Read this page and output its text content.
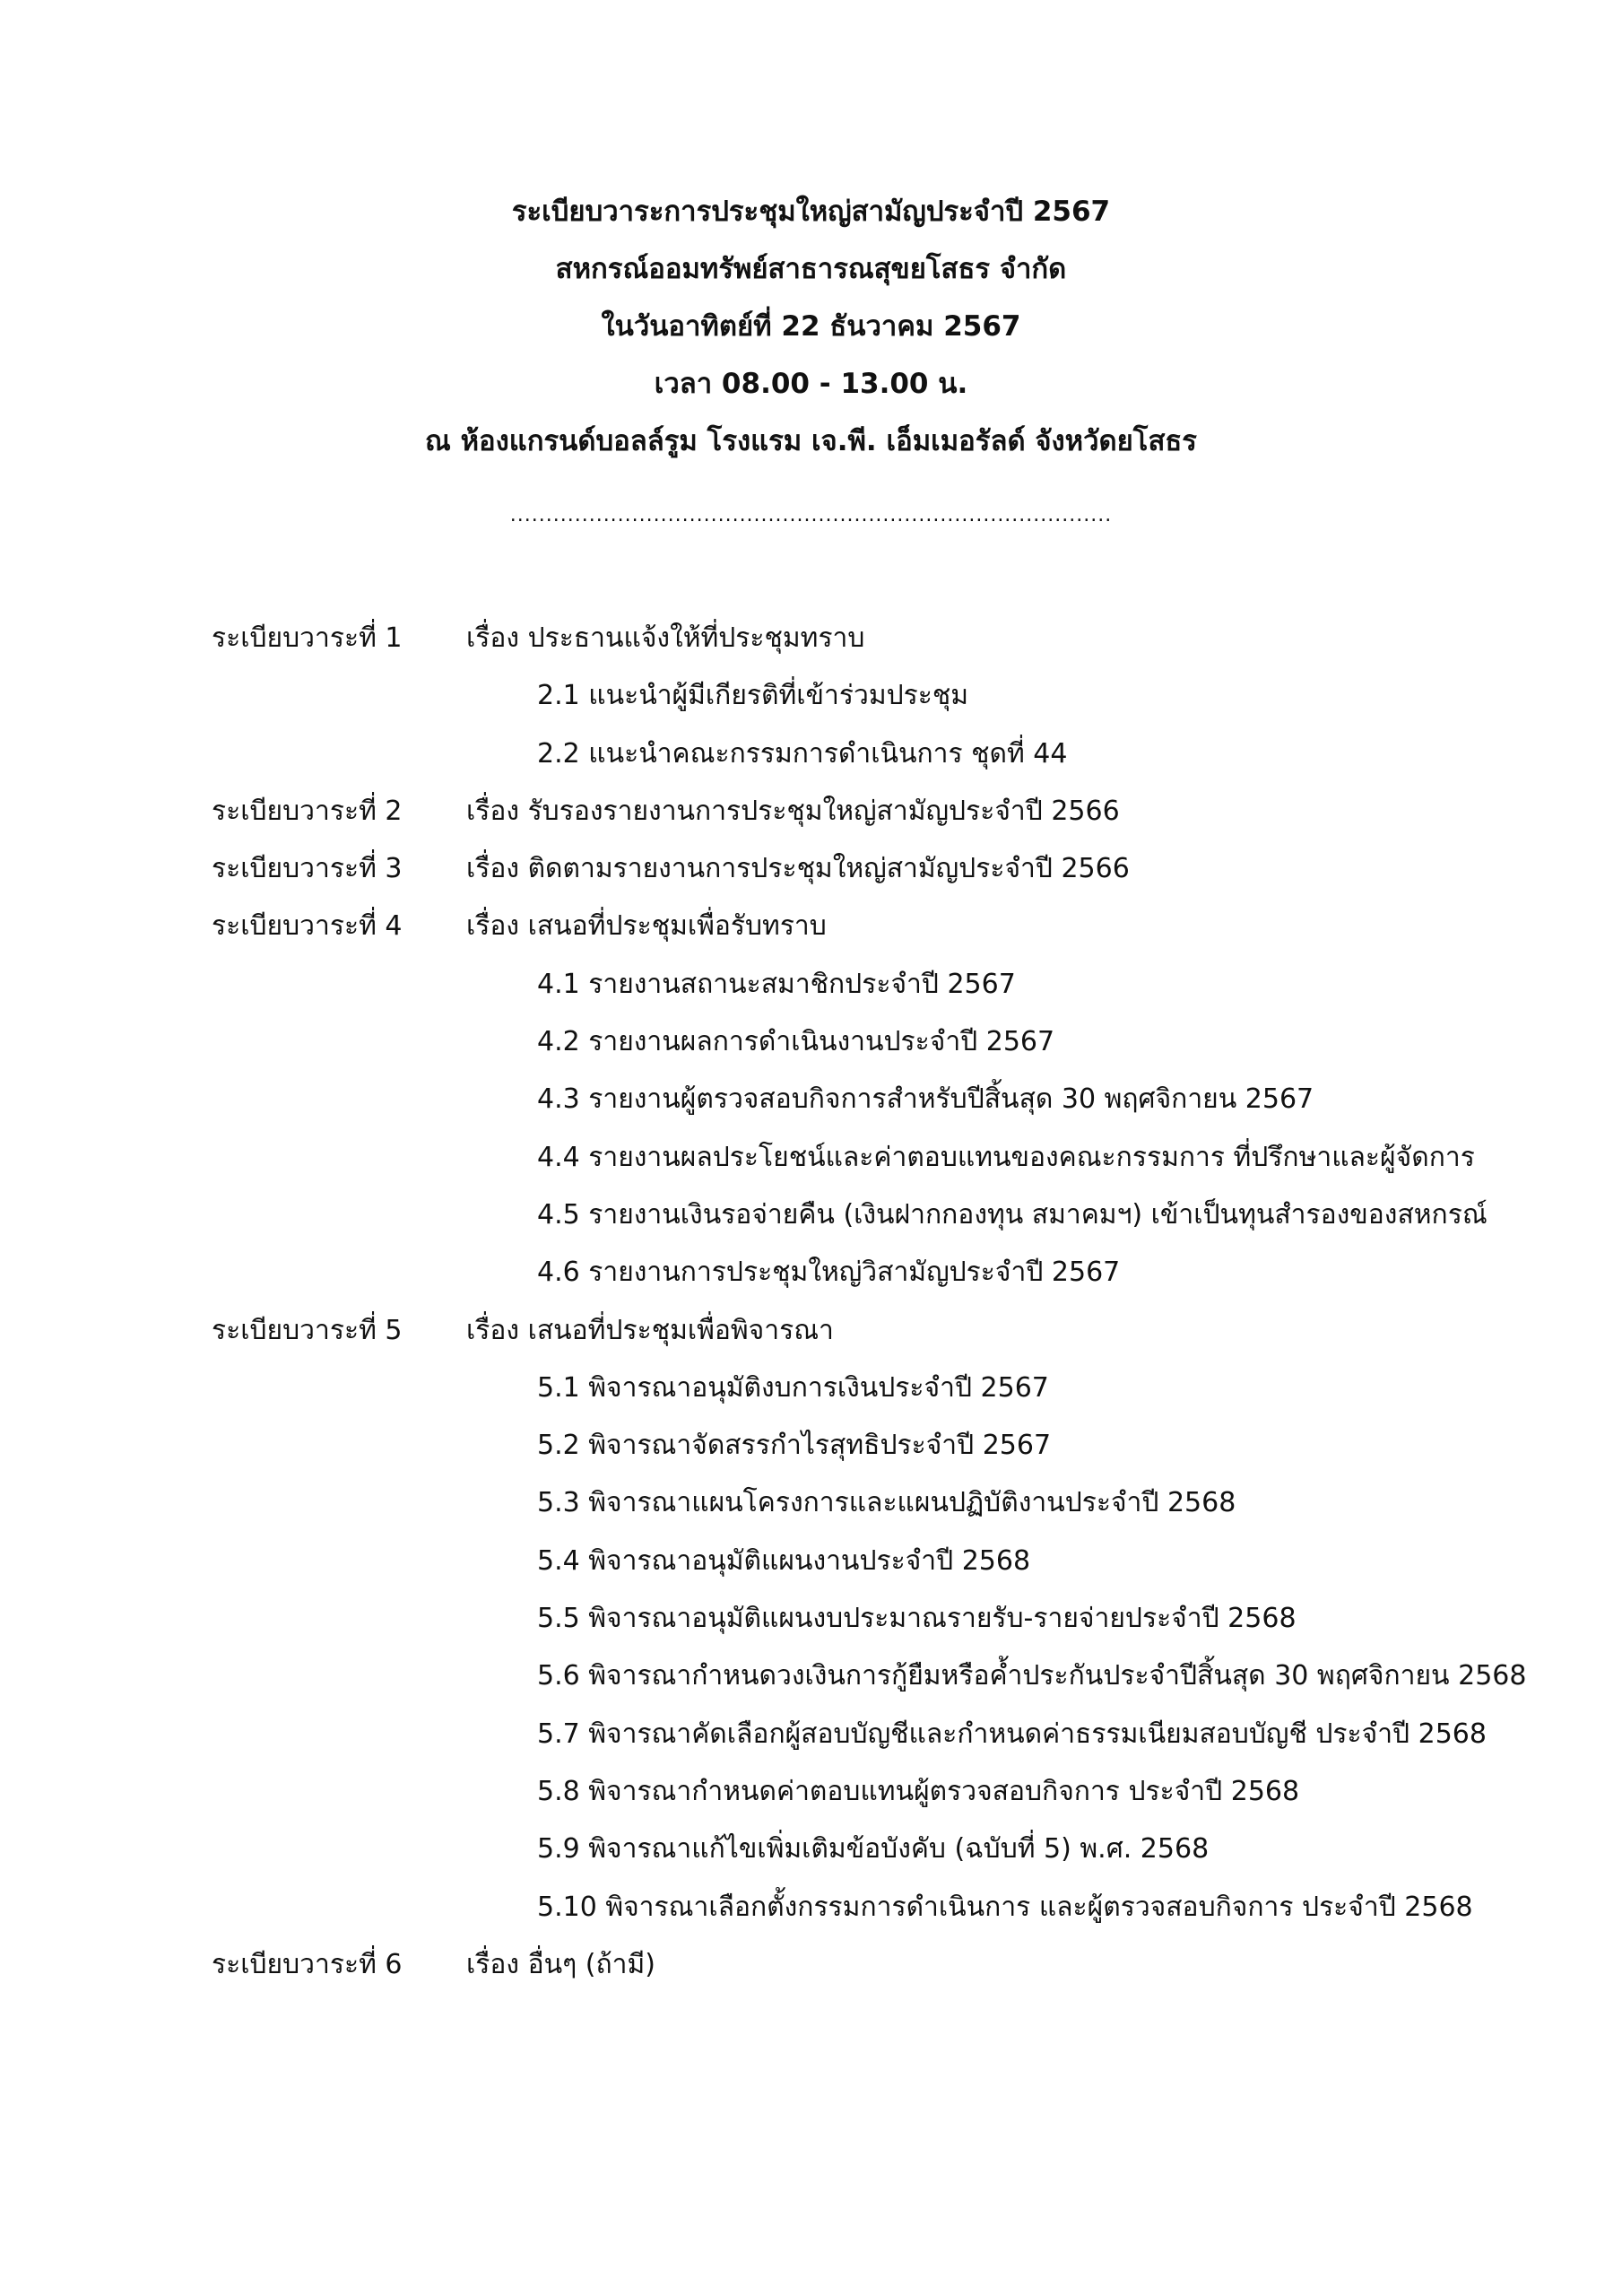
ระเบียบวาระการประชุมใหญ่สามัญประจำปี 2567
สหกรณ์ออมทรัพย์สาธารณสุขยโสธร จำกัด
ในวันอาทิตย์ที่ 22 ธันวาคม 2567
เวลา 08.00 - 13.00 น.
ณ ห้องแกรนด์บอลล์รูม โรงแรม เจ.พี. เอ็มเมอรัลด์ จังหวัดยโสธร
....................................................................................
ระเบียบวาระที่ 1 เรื่อง ประธานแจ้งให้ที่ประชุมทราบ
2.1 แนะนำผู้มีเกียรติที่เข้าร่วมประชุม
2.2 แนะนำคณะกรรมการดำเนินการ ชุดที่ 44
ระเบียบวาระที่ 2 เรื่อง รับรองรายงานการประชุมใหญ่สามัญประจำปี 2566
ระเบียบวาระที่ 3 เรื่อง ติดตามรายงานการประชุมใหญ่สามัญประจำปี 2566
ระเบียบวาระที่ 4 เรื่อง เสนอที่ประชุมเพื่อรับทราบ
4.1 รายงานสถานะสมาชิกประจำปี 2567
4.2 รายงานผลการดำเนินงานประจำปี 2567
4.3 รายงานผู้ตรวจสอบกิจการสำหรับปีสิ้นสุด 30 พฤศจิกายน 2567
4.4 รายงานผลประโยชน์และค่าตอบแทนของคณะกรรมการ ที่ปรึกษาและผู้จัดการ
4.5 รายงานเงินรอจ่ายคืน (เงินฝากกองทุน สมาคมฯ) เข้าเป็นทุนสำรองของสหกรณ์
4.6 รายงานการประชุมใหญ่วิสามัญประจำปี 2567
ระเบียบวาระที่ 5 เรื่อง เสนอที่ประชุมเพื่อพิจารณา
5.1 พิจารณาอนุมัติงบการเงินประจำปี 2567
5.2 พิจารณาจัดสรรกำไรสุทธิประจำปี 2567
5.3 พิจารณาแผนโครงการและแผนปฏิบัติงานประจำปี 2568
5.4 พิจารณาอนุมัติแผนงานประจำปี 2568
5.5 พิจารณาอนุมัติแผนงบประมาณรายรับ-รายจ่ายประจำปี 2568
5.6 พิจารณากำหนดวงเงินการกู้ยืมหรือค้ำประกันประจำปีสิ้นสุด 30 พฤศจิกายน 2568
5.7 พิจารณาคัดเลือกผู้สอบบัญชีและกำหนดค่าธรรมเนียมสอบบัญชี ประจำปี 2568
5.8 พิจารณากำหนดค่าตอบแทนผู้ตรวจสอบกิจการ ประจำปี 2568
5.9 พิจารณาแก้ไขเพิ่มเติมข้อบังคับ (ฉบับที่ 5) พ.ศ. 2568
5.10 พิจารณาเลือกตั้งกรรมการดำเนินการ และผู้ตรวจสอบกิจการ ประจำปี 2568
ระเบียบวาระที่ 6 เรื่อง อื่นๆ (ถ้ามี)
